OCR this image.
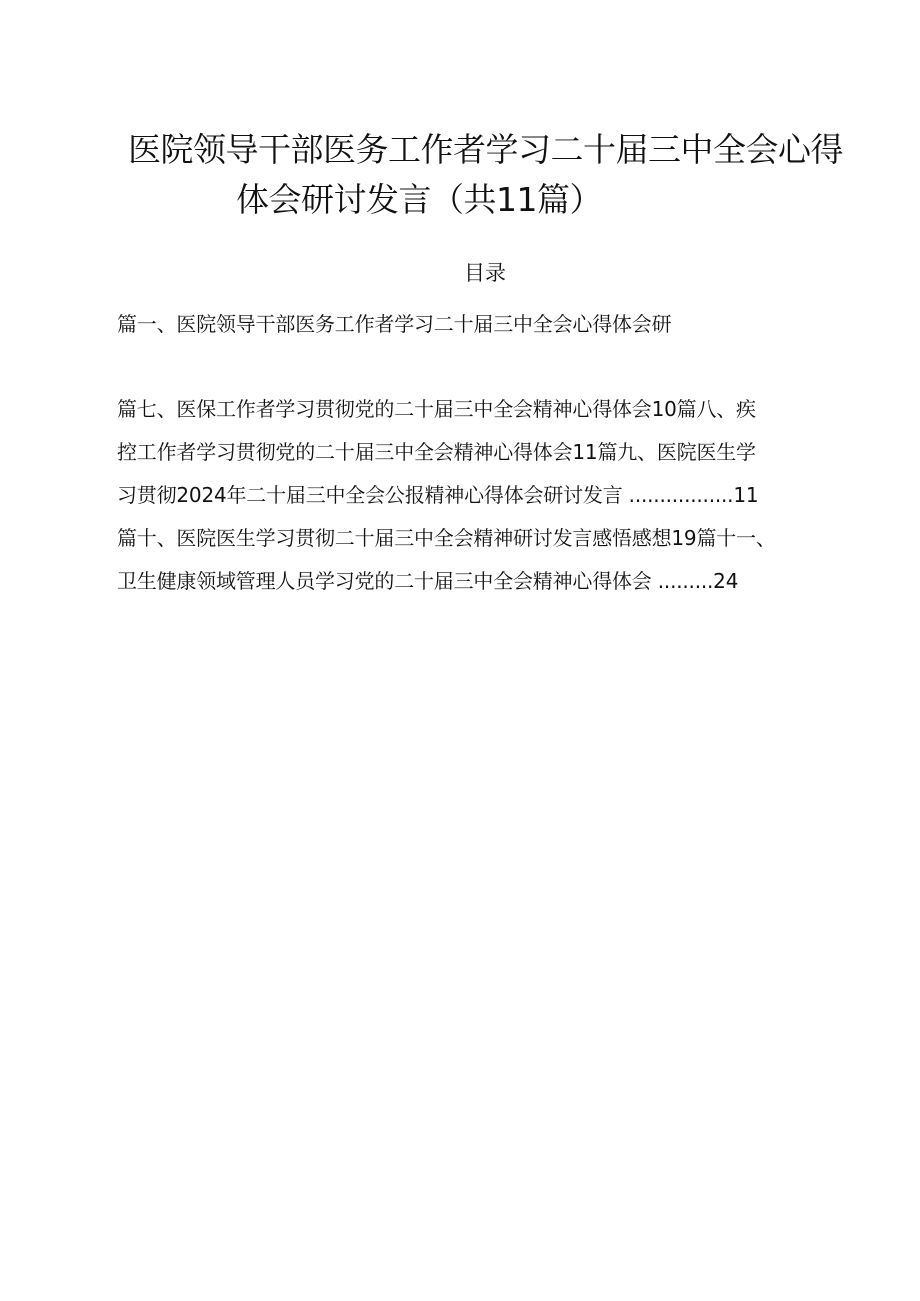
医院领导干部医务工作者学习二十届三中全会心得
体会研讨发言（共11篇）
目录
篇一、医院领导干部医务工作者学习二十届三中全会心得体会研
篇七、医保工作者学习贯彻党的二十届三中全会精神心得体会10篇八、疾
控工作者学习贯彻党的二十届三中全会精神心得体会11篇九、医院医生学
习贯彻2024年二十届三中全会公报精神心得体会研讨发言 .................11
篇十、医院医生学习贯彻二十届三中全会精神研讨发言感悟感想19篇十一、
卫生健康领域管理人员学习党的二十届三中全会精神心得体会 .........24
